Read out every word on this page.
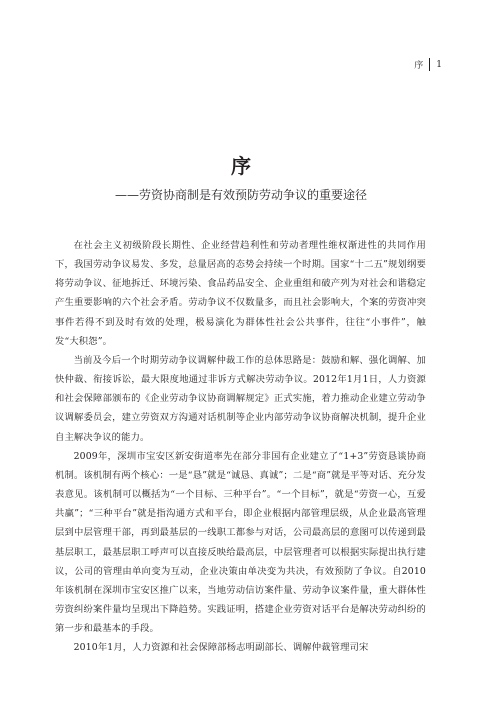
序 1
序
——劳资协商制是有效预防劳动争议的重要途径

在社会主义初级阶段长期性、企业经营趋利性和劳动者理性维权渐进性的共同作用下，我国劳动争议易发、多发，总量居高的态势会持续一个时期。国家“十二五”规划纲要将劳动争议、征地拆迁、环境污染、食品药品安全、企业重组和破产列为对社会和谐稳定产生重要影响的六个社会矛盾。劳动争议不仅数量多，而且社会影响大，个案的劳资冲突事件若得不到及时有效的处理，极易演化为群体性社会公共事件，往往“小事件”，触发“大积怨”。

当前及今后一个时期劳动争议调解仲裁工作的总体思路是：鼓励和解、强化调解、加快仲裁、衔接诉讼，最大限度地通过非诉方式解决劳动争议。2012年1月1日，人力资源和社会保障部颁布的《企业劳动争议协商调解规定》正式实施，着力推动企业建立劳动争议调解委员会，建立劳资双方沟通对话机制等企业内部劳动争议协商解决机制，提升企业自主解决争议的能力。

2009年，深圳市宝安区新安街道率先在部分非国有企业建立了“1+3”劳资恳谈协商机制。该机制有两个核心：一是“恳”就是“诚恳、真诚”；二是“商”就是平等对话、充分发表意见。该机制可以概括为“一个目标、三种平台”。“一个目标”，就是“劳资一心，互爱共赢”；“三种平台”就是指沟通方式和平台，即企业根据内部管理层级，从企业最高管理层到中层管理干部，再到最基层的一线职工都参与对话，公司最高层的意图可以传递到最基层职工，最基层职工呼声可以直接反映给最高层，中层管理者可以根据实际提出执行建议，公司的管理由单向变为互动，企业决策由单决变为共决，有效预防了争议。自2010年该机制在深圳市宝安区推广以来，当地劳动信访案件量、劳动争议案件量，重大群体性劳资纠纷案件量均呈现出下降趋势。实践证明，搭建企业劳资对话平台是解决劳动纠纷的第一步和最基本的手段。

2010年1月，人力资源和社会保障部杨志明副部长、调解仲裁管理司宋
